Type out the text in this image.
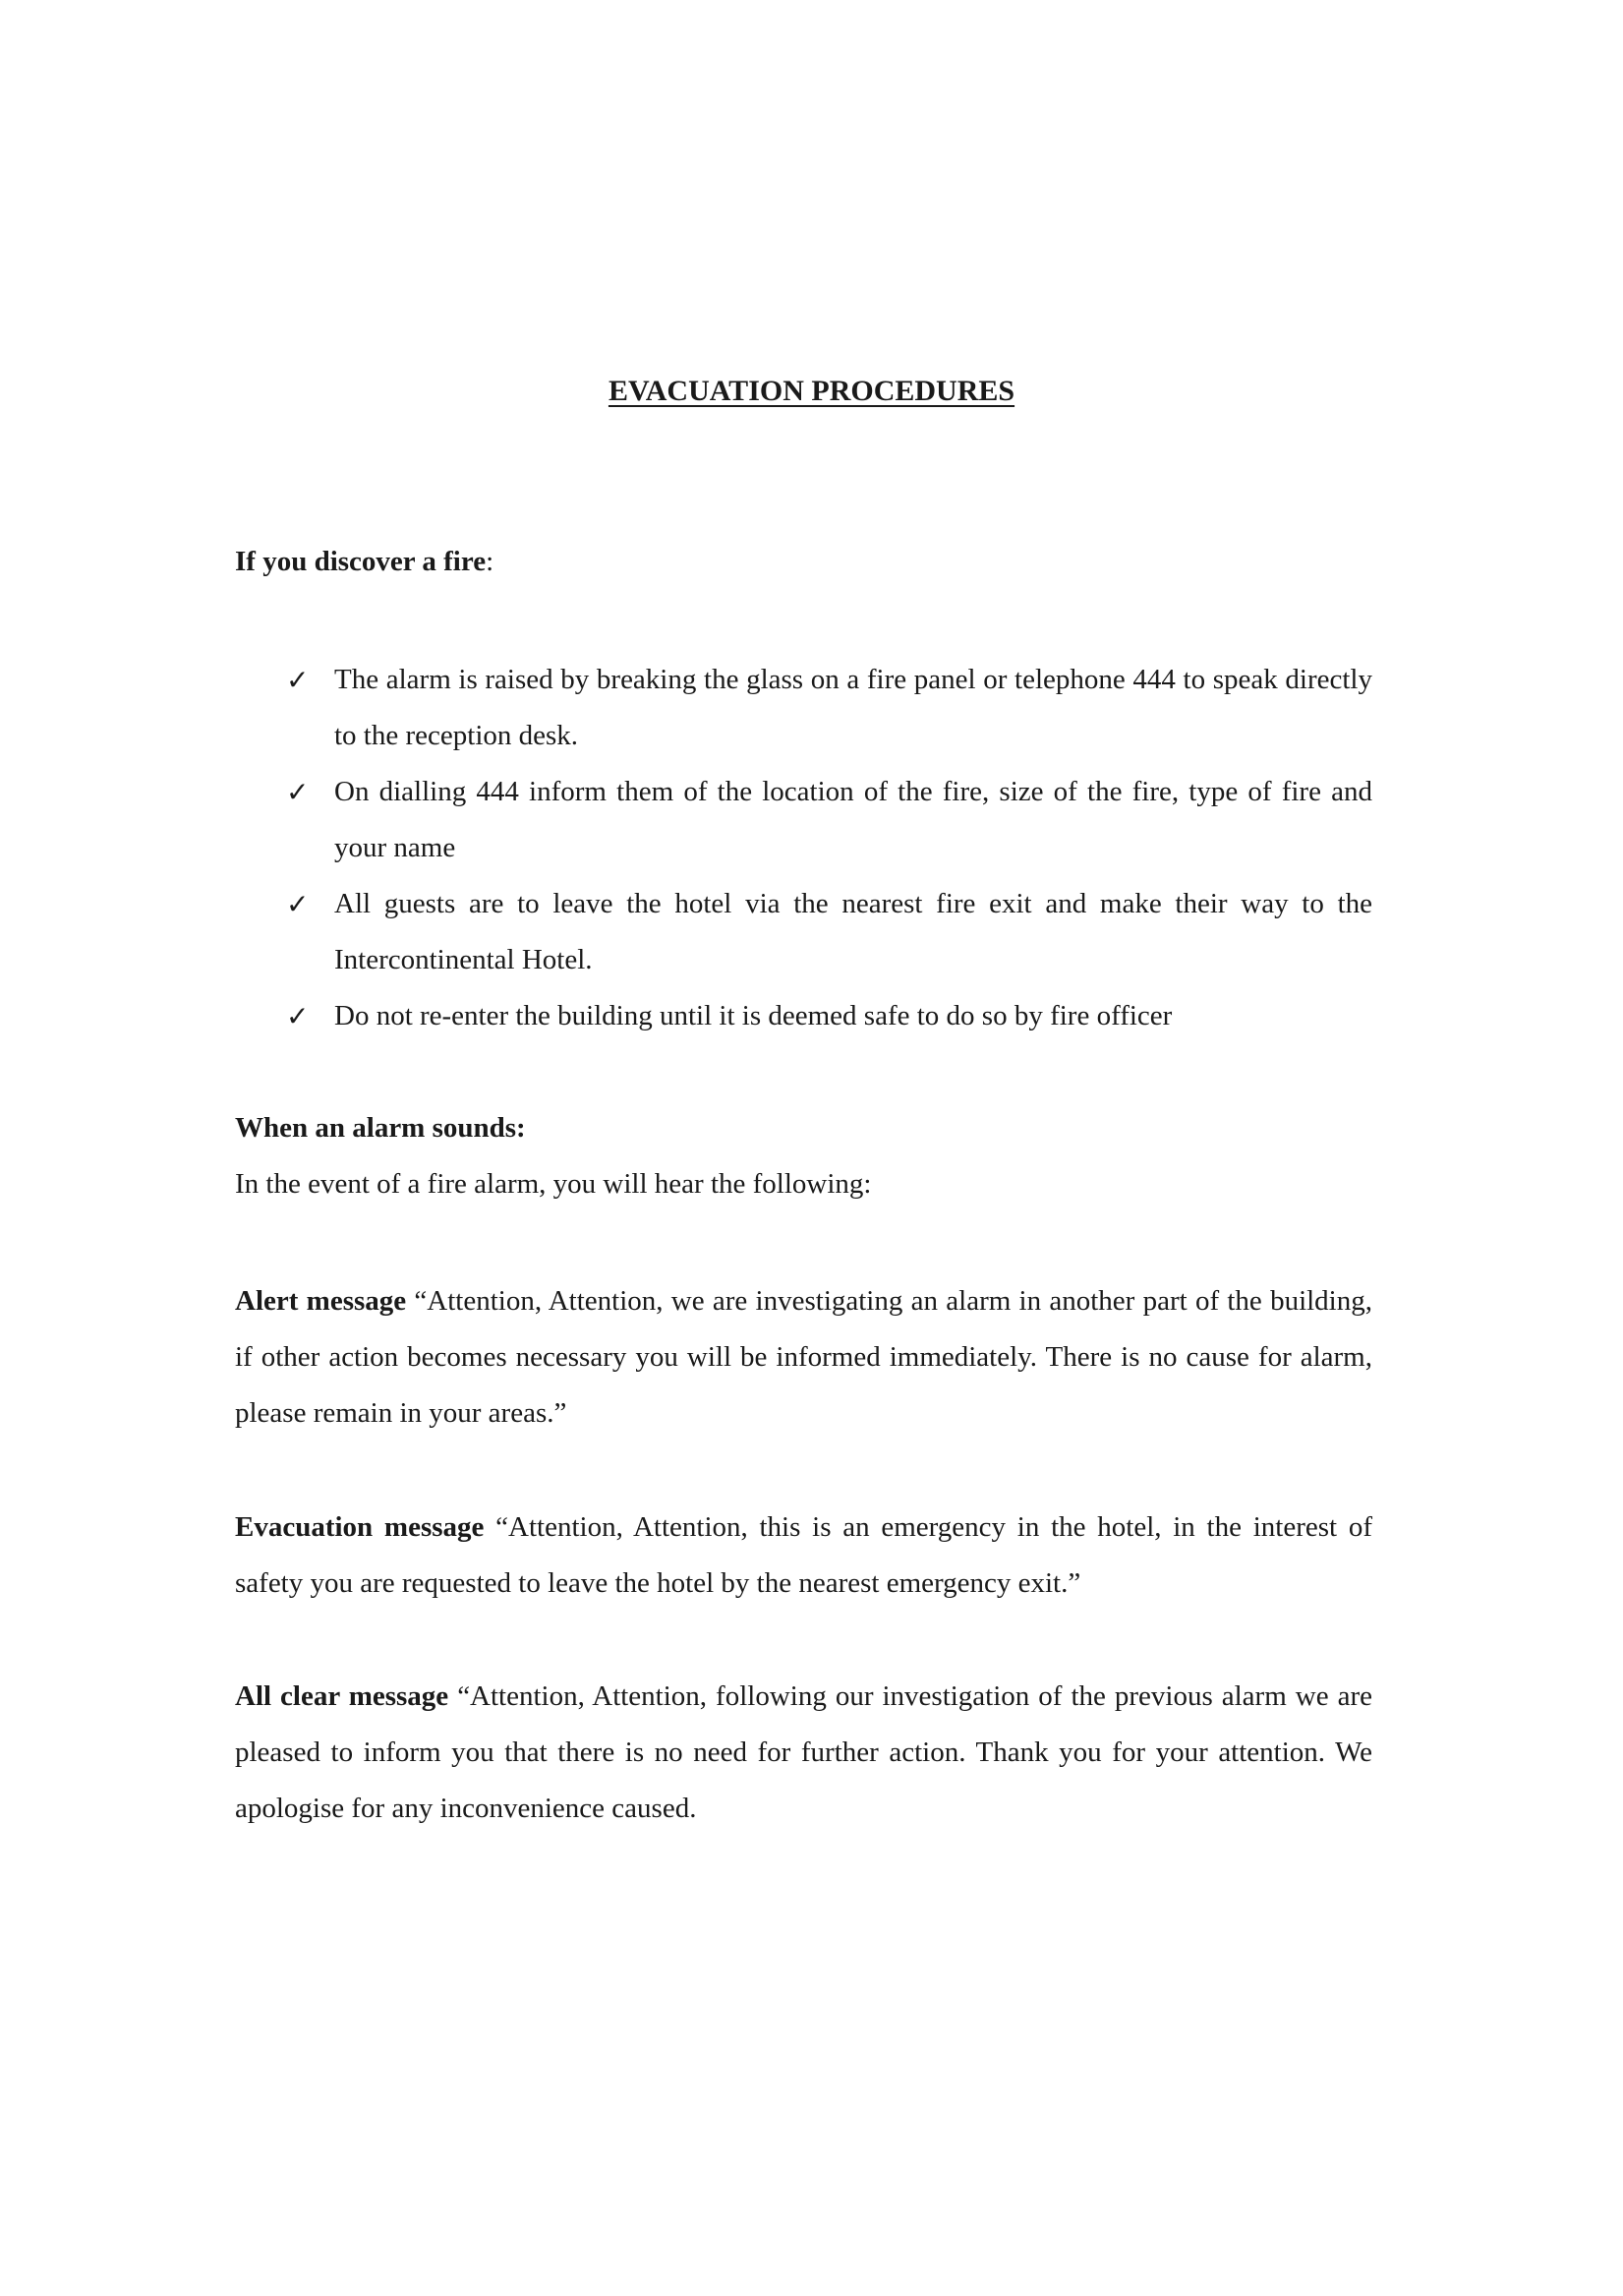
EVACUATION PROCEDURES

If you discover a fire:

✓ The alarm is raised by breaking the glass on a fire panel or telephone 444 to speak directly to the reception desk.
✓ On dialling 444 inform them of the location of the fire, size of the fire, type of fire and your name
✓ All guests are to leave the hotel via the nearest fire exit and make their way to the Intercontinental Hotel.
✓ Do not re-enter the building until it is deemed safe to do so by fire officer

When an alarm sounds:

In the event of a fire alarm, you will hear the following:

Alert message “Attention, Attention, we are investigating an alarm in another part of the building, if other action becomes necessary you will be informed immediately. There is no cause for alarm, please remain in your areas.”

Evacuation message “Attention, Attention, this is an emergency in the hotel, in the interest of safety you are requested to leave the hotel by the nearest emergency exit.”

All clear message “Attention, Attention, following our investigation of the previous alarm we are pleased to inform you that there is no need for further action. Thank you for your attention. We apologise for any inconvenience caused.
